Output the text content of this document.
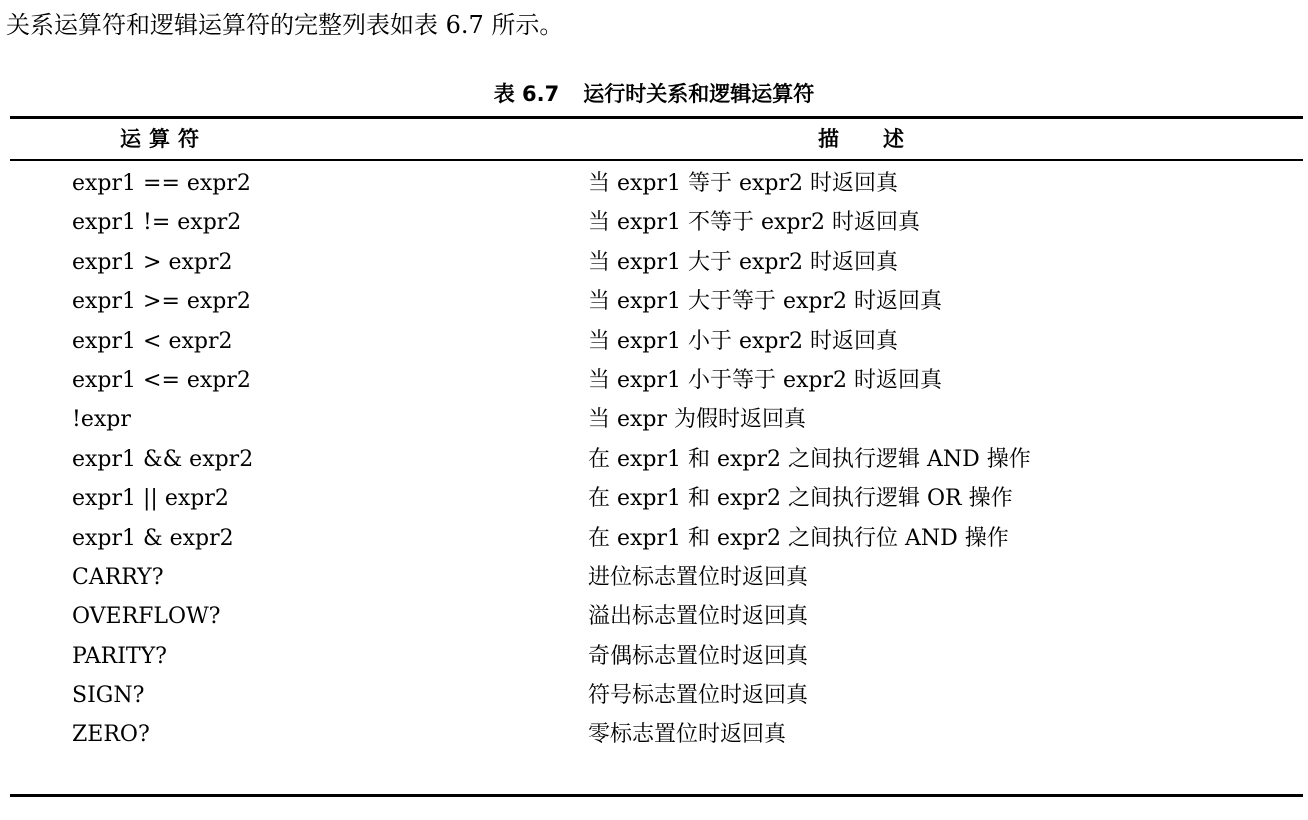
关系运算符和逻辑运算符的完整列表如表 6.7 所示。
表 6.7 运行时关系和逻辑运算符
运算符	描述
expr1 == expr2	当 expr1 等于 expr2 时返回真
expr1 != expr2	当 expr1 不等于 expr2 时返回真
expr1 > expr2	当 expr1 大于 expr2 时返回真
expr1 >= expr2	当 expr1 大于等于 expr2 时返回真
expr1 < expr2	当 expr1 小于 expr2 时返回真
expr1 <= expr2	当 expr1 小于等于 expr2 时返回真
!expr	当 expr 为假时返回真
expr1 && expr2	在 expr1 和 expr2 之间执行逻辑 AND 操作
expr1 || expr2	在 expr1 和 expr2 之间执行逻辑 OR 操作
expr1 & expr2	在 expr1 和 expr2 之间执行位 AND 操作
CARRY?	进位标志置位时返回真
OVERFLOW?	溢出标志置位时返回真
PARITY?	奇偶标志置位时返回真
SIGN?	符号标志置位时返回真
ZERO?	零标志置位时返回真
